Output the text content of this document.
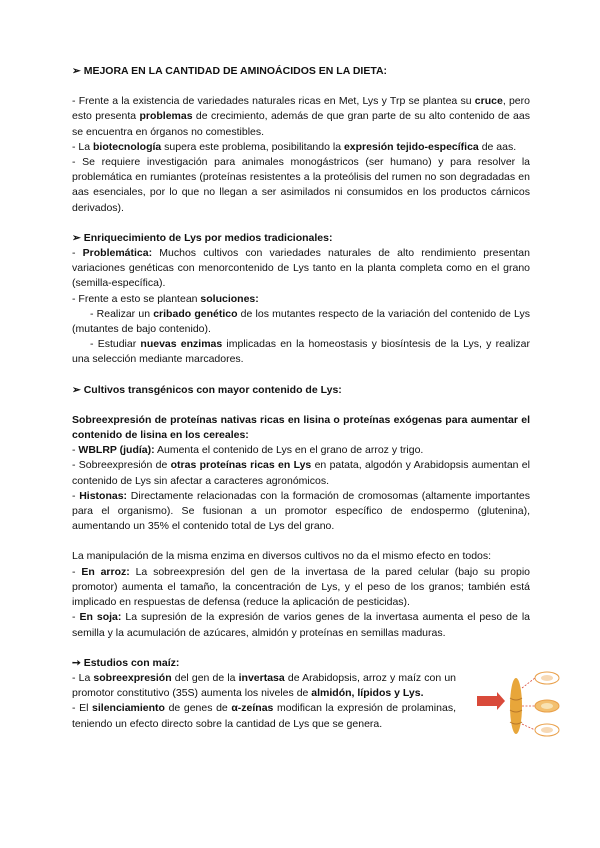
➢ MEJORA EN LA CANTIDAD DE AMINOÁCIDOS EN LA DIETA:

- Frente a la existencia de variedades naturales ricas en Met, Lys y Trp se plantea su cruce, pero esto presenta problemas de crecimiento, además de que gran parte de su alto contenido de aas se encuentra en órganos no comestibles.

- La biotecnología supera este problema, posibilitando la expresión tejido-específica de aas.

- Se requiere investigación para animales monogástricos (ser humano) y para resolver la problemática en rumiantes (proteínas resistentes a la proteólisis del rumen no son degradadas en aas esenciales, por lo que no llegan a ser asimilados ni consumidos en los productos cárnicos derivados).

➢ Enriquecimiento de Lys por medios tradicionales:

- Problemática: Muchos cultivos con variedades naturales de alto rendimiento presentan variaciones genéticas con menorcontenido de Lys tanto en la planta completa como en el grano (semilla-específica).

- Frente a esto se plantean soluciones:

- Realizar un cribado genético de los mutantes respecto de la variación del contenido de Lys (mutantes de bajo contenido).

- Estudiar nuevas enzimas implicadas en la homeostasis y biosíntesis de la Lys, y realizar una selección mediante marcadores.

➢ Cultivos transgénicos con mayor contenido de Lys:

Sobreexpresión de proteínas nativas ricas en lisina o proteínas exógenas para aumentar el contenido de lisina en los cereales:

- WBLRP (judía): Aumenta el contenido de Lys en el grano de arroz y trigo.

- Sobreexpresión de otras proteínas ricas en Lys en patata, algodón y Arabidopsis aumentan el contenido de Lys sin afectar a caracteres agronómicos.

- Histonas: Directamente relacionadas con la formación de cromosomas (altamente importantes para el organismo). Se fusionan a un promotor específico de endospermo (glutenina), aumentando un 35% el contenido total de Lys del grano.

La manipulación de la misma enzima en diversos cultivos no da el mismo efecto en todos:

- En arroz: La sobreexpresión del gen de la invertasa de la pared celular (bajo su propio promotor) aumenta el tamaño, la concentración de Lys, y el peso de los granos; también está implicado en respuestas de defensa (reduce la aplicación de pesticidas).

- En soja: La supresión de la expresión de varios genes de la invertasa aumenta el peso de la semilla y la acumulación de azúcares, almidón y proteínas en semillas maduras.

➙ Estudios con maíz:

- La sobreexpresión del gen de la invertasa de Arabidopsis, arroz y maíz con un promotor constitutivo (35S) aumenta los niveles de almidón, lípidos y Lys.

- El silenciamiento de genes de α-zeínas modifican la expresión de prolaminas, teniendo un efecto directo sobre la cantidad de Lys que se genera.
